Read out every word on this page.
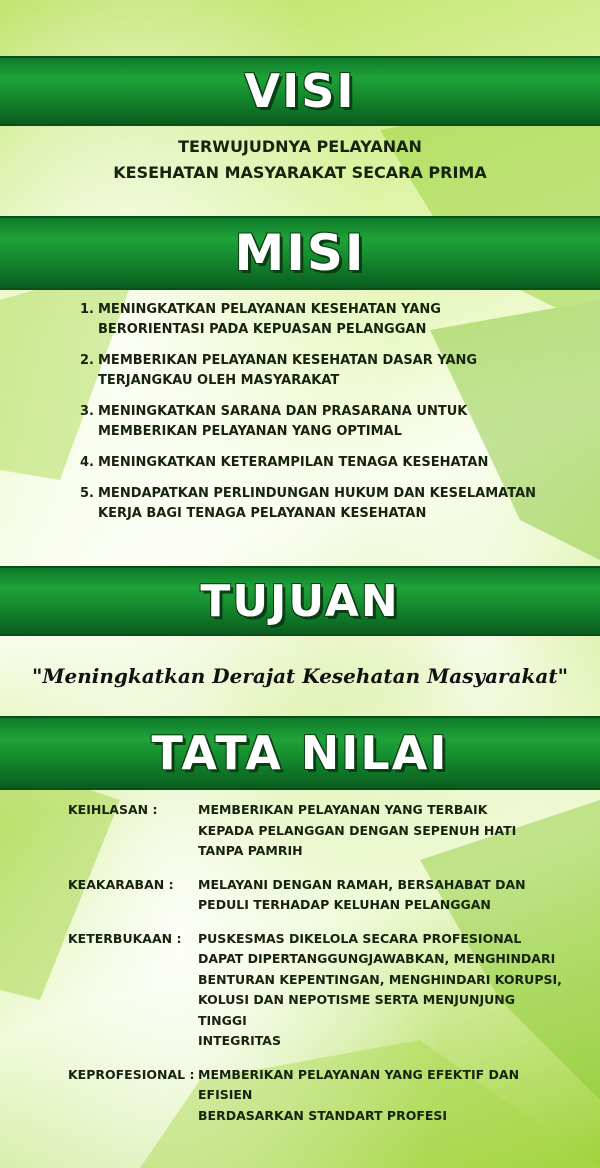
VISI
TERWUJUDNYA PELAYANAN
KESEHATAN MASYARAKAT SECARA PRIMA
MISI
1. MENINGKATKAN PELAYANAN KESEHATAN YANG BERORIENTASI PADA KEPUASAN PELANGGAN
2. MEMBERIKAN PELAYANAN KESEHATAN DASAR YANG TERJANGKAU OLEH MASYARAKAT
3. MENINGKATKAN SARANA DAN PRASARANA UNTUK MEMBERIKAN PELAYANAN YANG OPTIMAL
4. MENINGKATKAN KETERAMPILAN TENAGA KESEHATAN
5. MENDAPATKAN PERLINDUNGAN HUKUM DAN KESELAMATAN KERJA BAGI TENAGA PELAYANAN KESEHATAN
TUJUAN
"Meningkatkan Derajat Kesehatan Masyarakat"
TATA NILAI
KEIHLASAN :	MEMBERIKAN PELAYANAN YANG TERBAIK
KEPADA PELANGGAN DENGAN SEPENUH HATI
TANPA PAMRIH
KEAKARABAN :	MELAYANI DENGAN RAMAH, BERSAHABAT DAN
PEDULI TERHADAP KELUHAN PELANGGAN
KETERBUKAAN :	PUSKESMAS DIKELOLA SECARA PROFESIONAL
DAPAT DIPERTANGGUNGJAWABKAN, MENGHINDARI
BENTURAN KEPENTINGAN, MENGHINDARI KORUPSI,
KOLUSI DAN NEPOTISME SERTA MENJUNJUNG TINGGI
INTEGRITAS
KEPROFESIONAL : MEMBERIKAN PELAYANAN YANG EFEKTIF DAN EFISIEN
BERDASARKAN STANDART PROFESI
